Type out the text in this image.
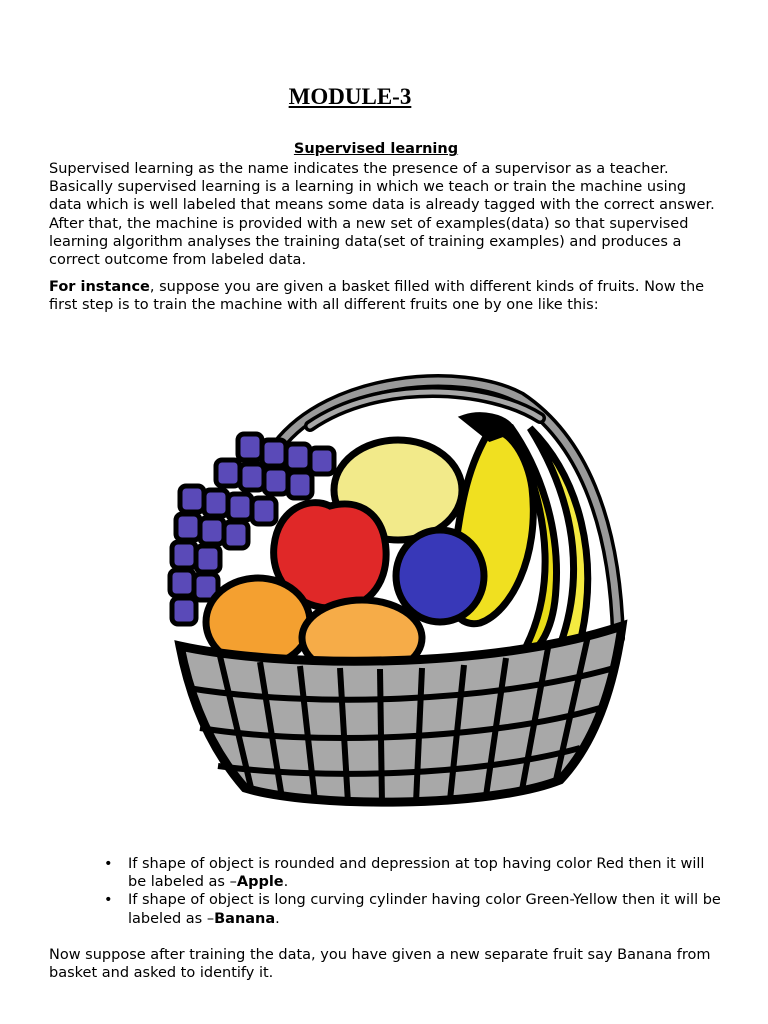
MODULE-3
Supervised learning
Supervised learning as the name indicates the presence of a supervisor as a teacher. Basically supervised learning is a learning in which we teach or train the machine using data which is well labeled that means some data is already tagged with the correct answer. After that, the machine is provided with a new set of examples(data) so that supervised learning algorithm analyses the training data(set of training examples) and produces a correct outcome from labeled data.
For instance, suppose you are given a basket filled with different kinds of fruits. Now the first step is to train the machine with all different fruits one by one like this:
• If shape of object is rounded and depression at top having color Red then it will be labeled as –Apple.
• If shape of object is long curving cylinder having color Green-Yellow then it will be labeled as –Banana.
Now suppose after training the data, you have given a new separate fruit say Banana from basket and asked to identify it.
